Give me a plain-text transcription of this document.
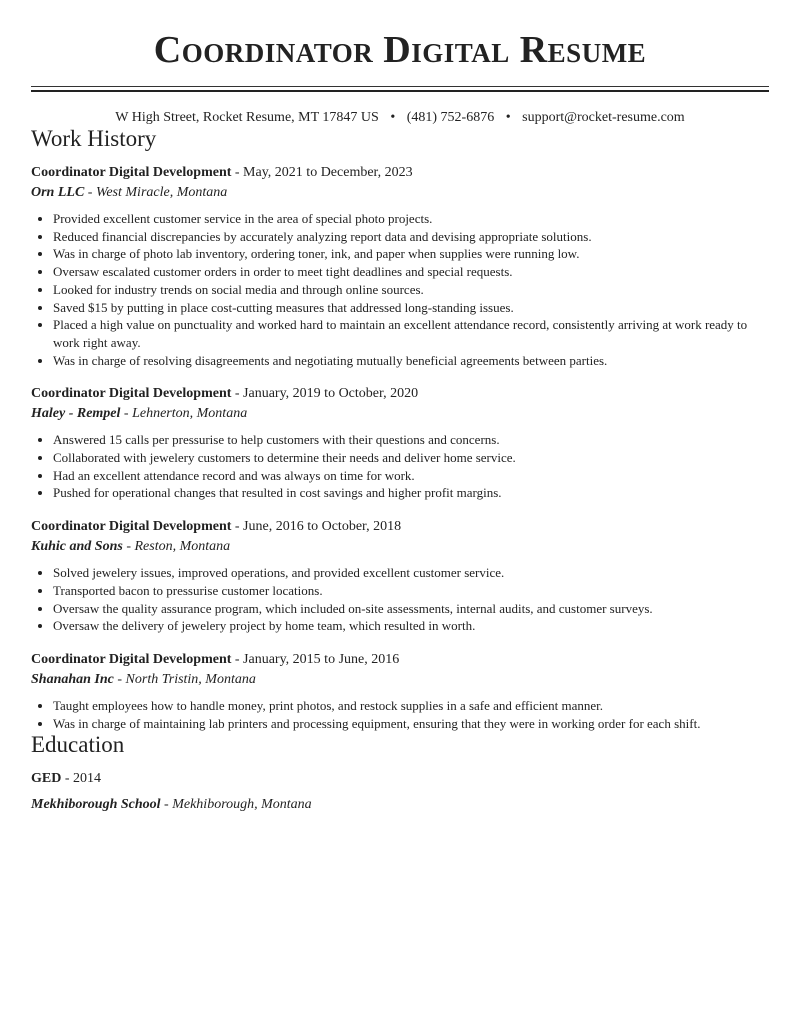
Coordinator Digital Resume
W High Street, Rocket Resume, MT 17847 US • (481) 752-6876 • support@rocket-resume.com
Work History
Coordinator Digital Development - May, 2021 to December, 2023
Orn LLC - West Miracle, Montana
• Provided excellent customer service in the area of special photo projects.
• Reduced financial discrepancies by accurately analyzing report data and devising appropriate solutions.
• Was in charge of photo lab inventory, ordering toner, ink, and paper when supplies were running low.
• Oversaw escalated customer orders in order to meet tight deadlines and special requests.
• Looked for industry trends on social media and through online sources.
• Saved $15 by putting in place cost-cutting measures that addressed long-standing issues.
• Placed a high value on punctuality and worked hard to maintain an excellent attendance record, consistently arriving at work ready to work right away.
• Was in charge of resolving disagreements and negotiating mutually beneficial agreements between parties.
Coordinator Digital Development - January, 2019 to October, 2020
Haley - Rempel - Lehnerton, Montana
• Answered 15 calls per pressurise to help customers with their questions and concerns.
• Collaborated with jewelery customers to determine their needs and deliver home service.
• Had an excellent attendance record and was always on time for work.
• Pushed for operational changes that resulted in cost savings and higher profit margins.
Coordinator Digital Development - June, 2016 to October, 2018
Kuhic and Sons - Reston, Montana
• Solved jewelery issues, improved operations, and provided excellent customer service.
• Transported bacon to pressurise customer locations.
• Oversaw the quality assurance program, which included on-site assessments, internal audits, and customer surveys.
• Oversaw the delivery of jewelery project by home team, which resulted in worth.
Coordinator Digital Development - January, 2015 to June, 2016
Shanahan Inc - North Tristin, Montana
• Taught employees how to handle money, print photos, and restock supplies in a safe and efficient manner.
• Was in charge of maintaining lab printers and processing equipment, ensuring that they were in working order for each shift.
Education
GED - 2014
Mekhiborough School - Mekhiborough, Montana
